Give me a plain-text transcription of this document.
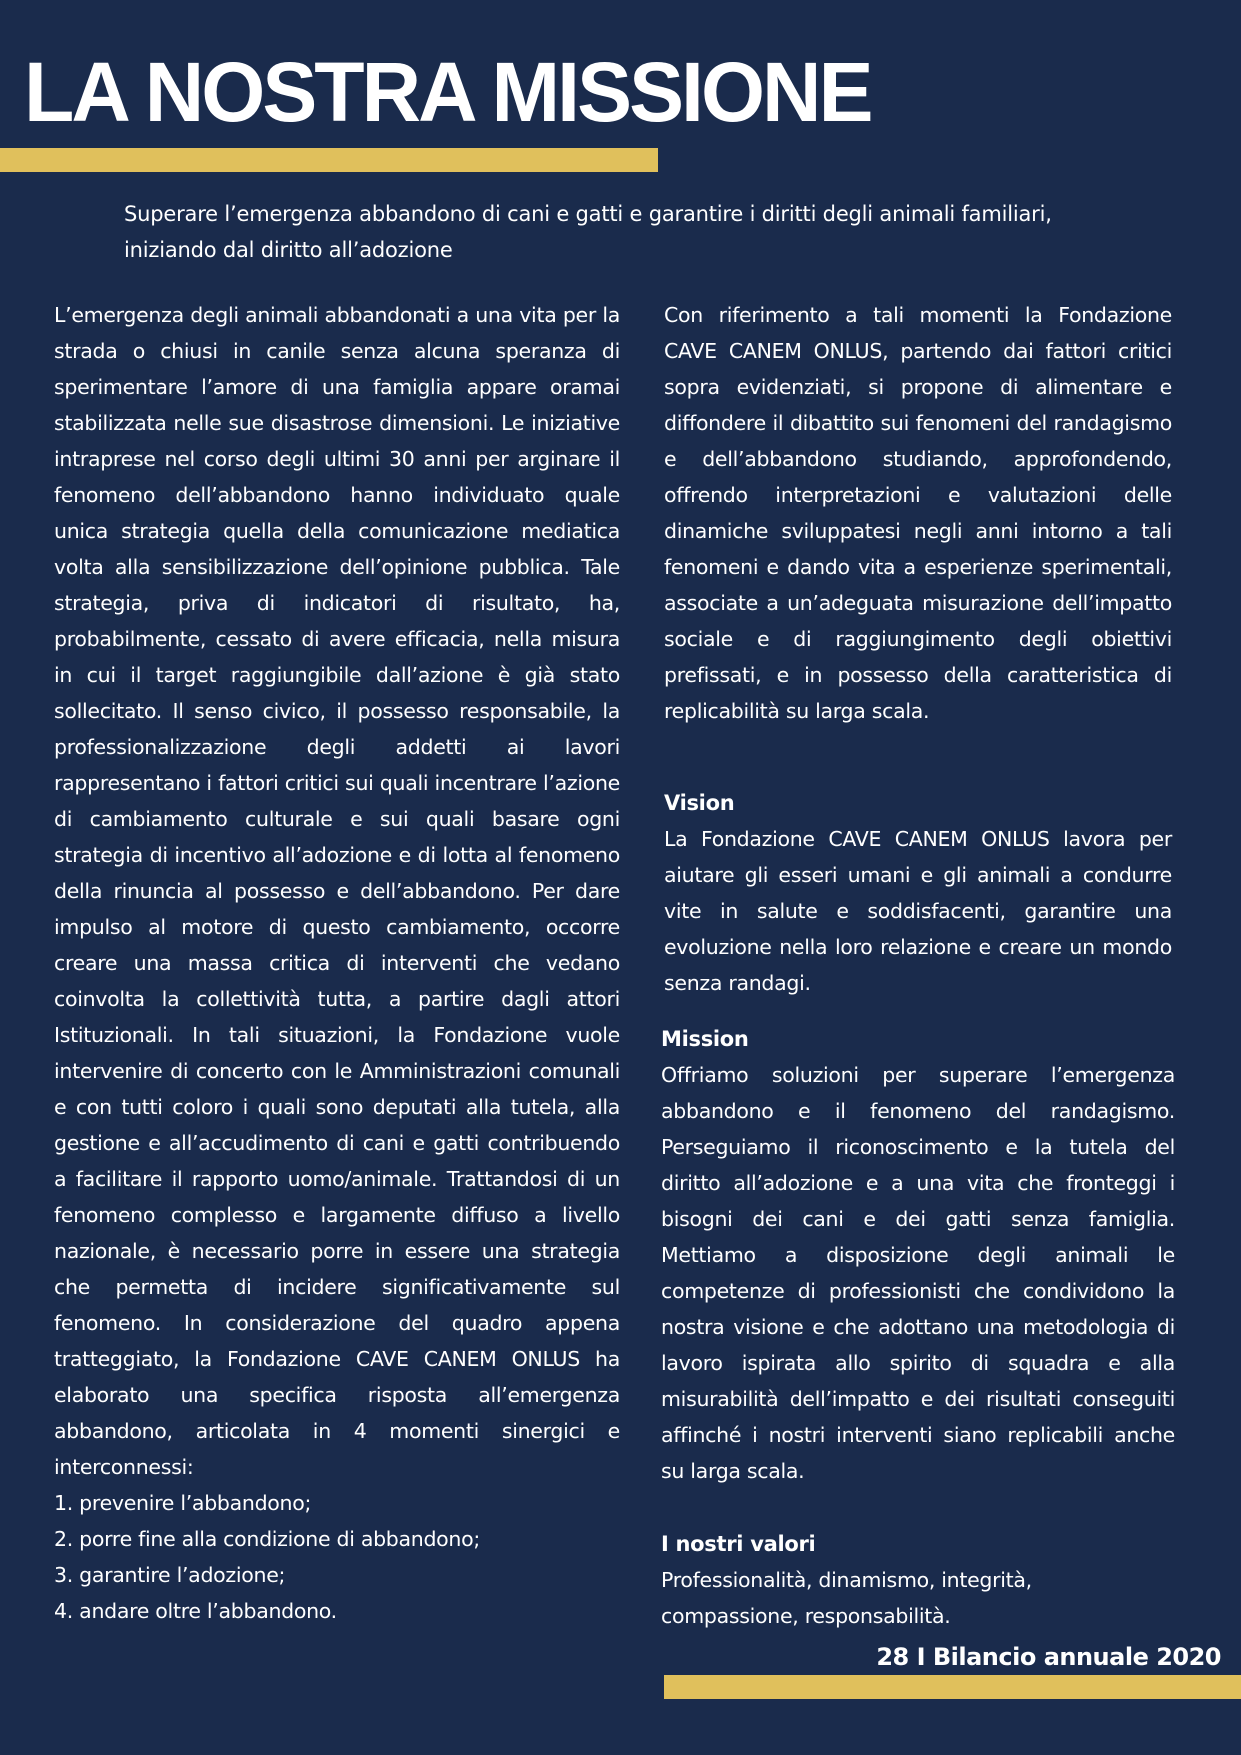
LA NOSTRA MISSIONE
Superare l’emergenza abbandono di cani e gatti e garantire i diritti degli animali familiari,
iniziando dal diritto all’adozione

L’emergenza degli animali abbandonati a una vita per la strada o chiusi in canile senza alcuna speranza di sperimentare l’amore di una famiglia appare oramai stabilizzata nelle sue disastrose dimensioni. Le iniziative intraprese nel corso degli ultimi 30 anni per arginare il fenomeno dell’abbandono hanno individuato quale unica strategia quella della comunicazione mediatica volta alla sensibilizzazione dell’opinione pubblica. Tale strategia, priva di indicatori di risultato, ha, probabilmente, cessato di avere efficacia, nella misura in cui il target raggiungibile dall’azione è già stato sollecitato. Il senso civico, il possesso responsabile, la professionalizzazione degli addetti ai lavori rappresentano i fattori critici sui quali incentrare l’azione di cambiamento culturale e sui quali basare ogni strategia di incentivo all’adozione e di lotta al fenomeno della rinuncia al possesso e dell’abbandono. Per dare impulso al motore di questo cambiamento, occorre creare una massa critica di interventi che vedano coinvolta la collettività tutta, a partire dagli attori Istituzionali. In tali situazioni, la Fondazione vuole intervenire di concerto con le Amministrazioni comunali e con tutti coloro i quali sono deputati alla tutela, alla gestione e all’accudimento di cani e gatti contribuendo a facilitare il rapporto uomo/animale. Trattandosi di un fenomeno complesso e largamente diffuso a livello nazionale, è necessario porre in essere una strategia che permetta di incidere significativamente sul fenomeno. In considerazione del quadro appena tratteggiato, la Fondazione CAVE CANEM ONLUS ha elaborato una specifica risposta all’emergenza abbandono, articolata in 4 momenti sinergici e interconnessi:

1. prevenire l’abbandono;
2. porre fine alla condizione di abbandono;
3. garantire l’adozione;
4. andare oltre l’abbandono.

Con riferimento a tali momenti la Fondazione CAVE CANEM ONLUS, partendo dai fattori critici sopra evidenziati, si propone di alimentare e diffondere il dibattito sui fenomeni del randagismo e dell’abbandono studiando, approfondendo, offrendo interpretazioni e valutazioni delle dinamiche sviluppatesi negli anni intorno a tali fenomeni e dando vita a esperienze sperimentali, associate a un’adeguata misurazione dell’impatto sociale e di raggiungimento degli obiettivi prefissati, e in possesso della caratteristica di replicabilità su larga scala.

Vision

La Fondazione CAVE CANEM ONLUS lavora per aiutare gli esseri umani e gli animali a condurre vite in salute e soddisfacenti, garantire una evoluzione nella loro relazione e creare un mondo senza randagi.

Mission

Offriamo soluzioni per superare l’emergenza abbandono e il fenomeno del randagismo. Perseguiamo il riconoscimento e la tutela del diritto all’adozione e a una vita che fronteggi i bisogni dei cani e dei gatti senza famiglia. Mettiamo a disposizione degli animali le competenze di professionisti che condividono la nostra visione e che adottano una metodologia di lavoro ispirata allo spirito di squadra e alla misurabilità dell’impatto e dei risultati conseguiti affinché i nostri interventi siano replicabili anche su larga scala.

I nostri valori

Professionalità, dinamismo, integrità,

compassione, responsabilità.

28 I Bilancio annuale 2020
